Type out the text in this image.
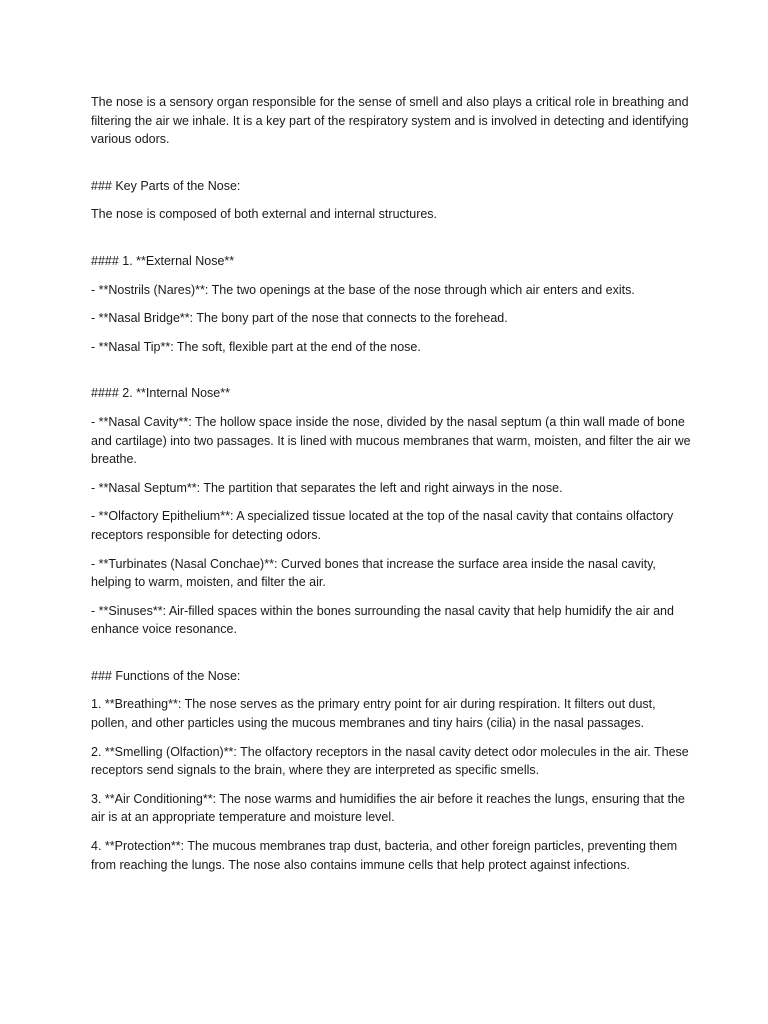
The nose is a sensory organ responsible for the sense of smell and also plays a critical role in breathing and filtering the air we inhale. It is a key part of the respiratory system and is involved in detecting and identifying various odors.

### Key Parts of the Nose:

The nose is composed of both external and internal structures.

#### 1. **External Nose**

- **Nostrils (Nares)**: The two openings at the base of the nose through which air enters and exits.

- **Nasal Bridge**: The bony part of the nose that connects to the forehead.

- **Nasal Tip**: The soft, flexible part at the end of the nose.

#### 2. **Internal Nose**

- **Nasal Cavity**: The hollow space inside the nose, divided by the nasal septum (a thin wall made of bone and cartilage) into two passages. It is lined with mucous membranes that warm, moisten, and filter the air we breathe.

- **Nasal Septum**: The partition that separates the left and right airways in the nose.

- **Olfactory Epithelium**: A specialized tissue located at the top of the nasal cavity that contains olfactory receptors responsible for detecting odors.

- **Turbinates (Nasal Conchae)**: Curved bones that increase the surface area inside the nasal cavity, helping to warm, moisten, and filter the air.

- **Sinuses**: Air-filled spaces within the bones surrounding the nasal cavity that help humidify the air and enhance voice resonance.

### Functions of the Nose:

1. **Breathing**: The nose serves as the primary entry point for air during respiration. It filters out dust, pollen, and other particles using the mucous membranes and tiny hairs (cilia) in the nasal passages.

2. **Smelling (Olfaction)**: The olfactory receptors in the nasal cavity detect odor molecules in the air. These receptors send signals to the brain, where they are interpreted as specific smells.

3. **Air Conditioning**: The nose warms and humidifies the air before it reaches the lungs, ensuring that the air is at an appropriate temperature and moisture level.

4. **Protection**: The mucous membranes trap dust, bacteria, and other foreign particles, preventing them from reaching the lungs. The nose also contains immune cells that help protect against infections.
